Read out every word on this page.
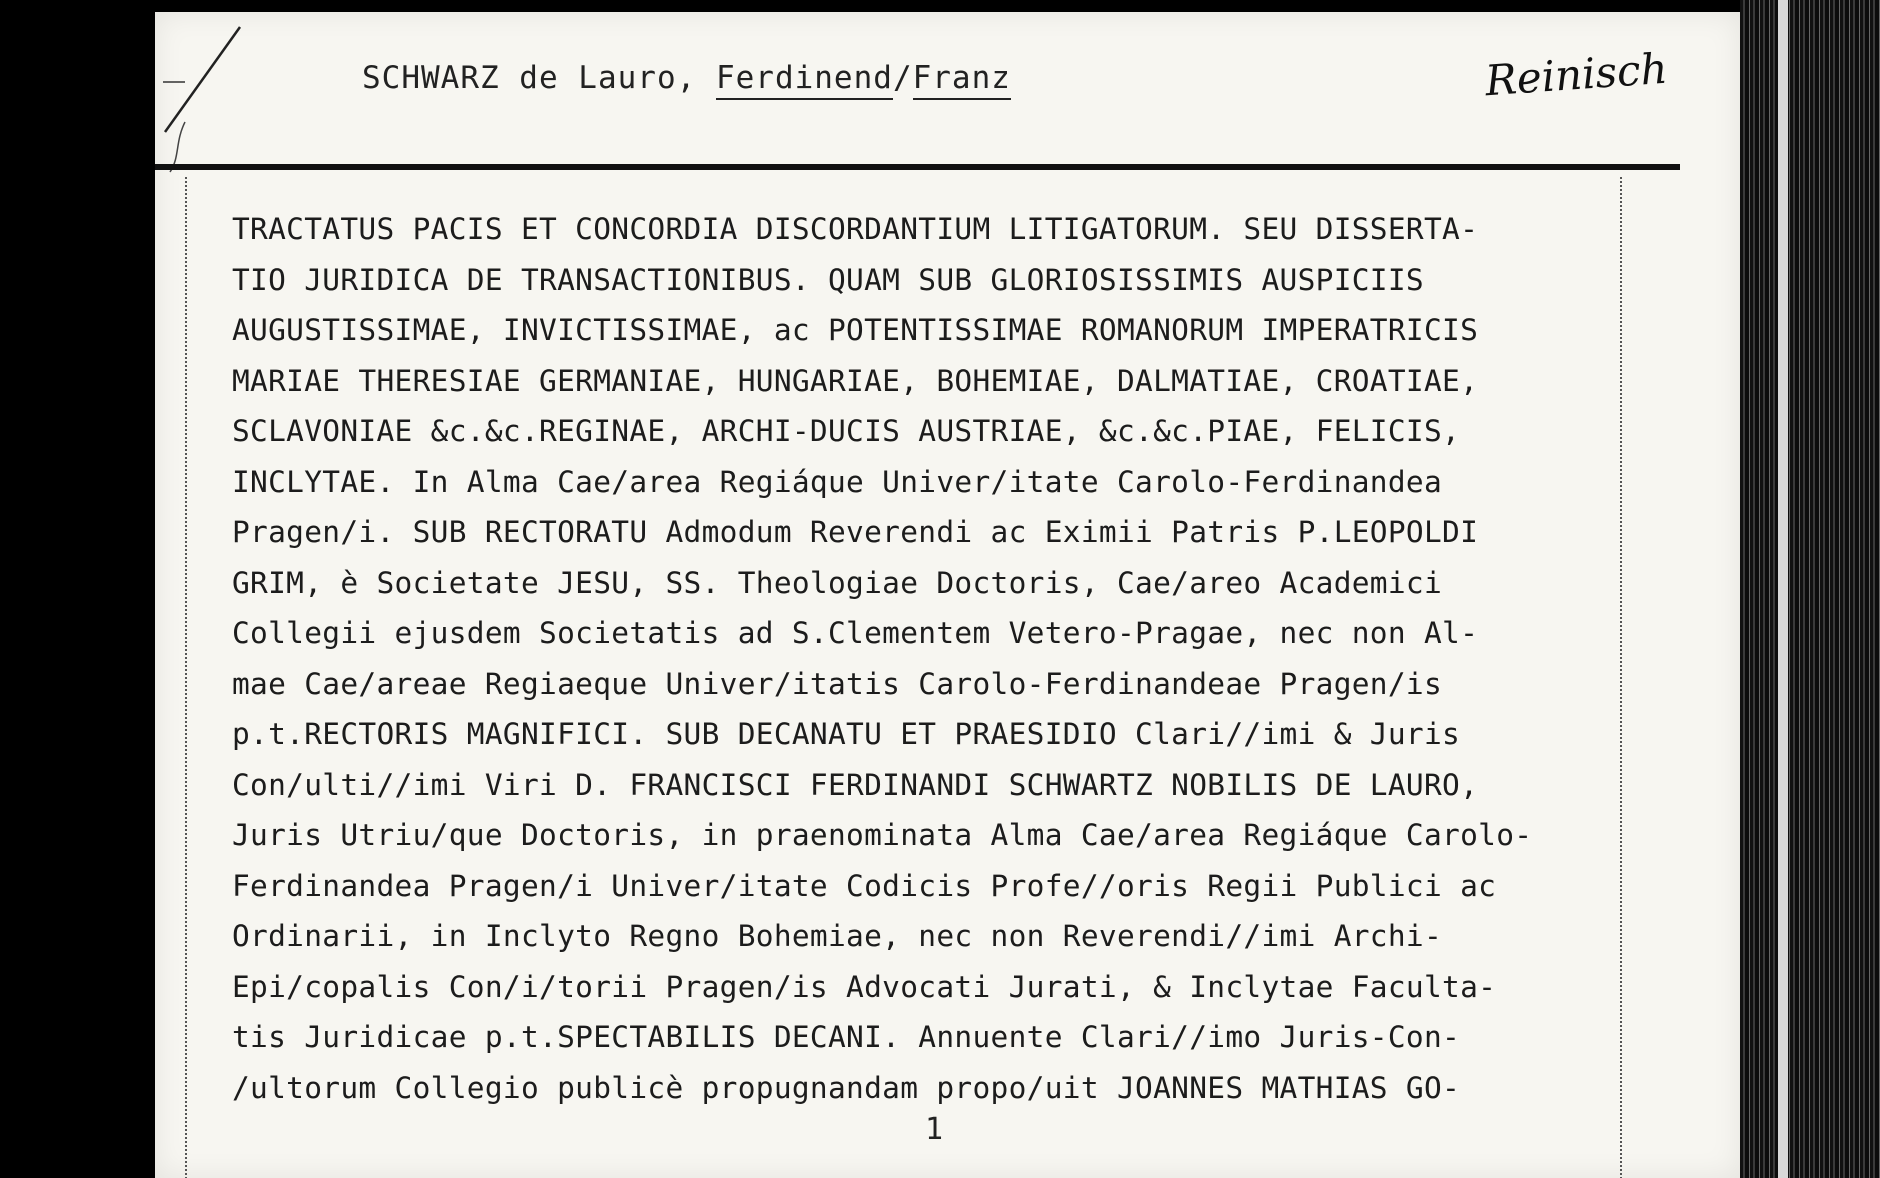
SCHWARZ de Lauro, Ferdinend/Franz	Reinisch
TRACTATUS PACIS ET CONCORDIA DISCORDANTIUM LITIGATORUM. SEU DISSERTA-
TIO JURIDICA DE TRANSACTIONIBUS. QUAM SUB GLORIOSISSIMIS AUSPICIIS
AUGUSTISSIMAE, INVICTISSIMAE, ac POTENTISSIMAE ROMANORUM IMPERATRICIS
MARIAE THERESIAE GERMANIAE, HUNGARIAE, BOHEMIAE, DALMATIAE, CROATIAE,
SCLAVONIAE &c.&c.REGINAE, ARCHI-DUCIS AUSTRIAE, &c.&c.PIAE, FELICIS,
INCLYTAE. In Alma Cae/area Regiáque Univer/itate Carolo-Ferdinandea
Pragen/i. SUB RECTORATU Admodum Reverendi ac Eximii Patris P.LEOPOLDI
GRIM, è Societate JESU, SS. Theologiae Doctoris, Cae/areo Academici
Collegii ejusdem Societatis ad S.Clementem Vetero-Pragae, nec non Al-
mae Cae/areae Regiaeque Univer/itatis Carolo-Ferdinandeae Pragen/is
p.t.RECTORIS MAGNIFICI. SUB DECANATU ET PRAESIDIO Clari//imi & Juris
Con/ulti//imi Viri D. FRANCISCI FERDINANDI SCHWARTZ NOBILIS DE LAURO,
Juris Utriu/que Doctoris, in praenominata Alma Cae/area Regiáque Carolo-
Ferdinandea Pragen/i Univer/itate Codicis Profe//oris Regii Publici ac
Ordinarii, in Inclyto Regno Bohemiae, nec non Reverendi//imi Archi-
Epi/copalis Con/i/torii Pragen/is Advocati Jurati, & Inclytae Faculta-
tis Juridicae p.t.SPECTABILIS DECANI. Annuente Clari//imo Juris-Con-
/ultorum Collegio publicè propugnandam propo/uit JOANNES MATHIAS GO-
1
